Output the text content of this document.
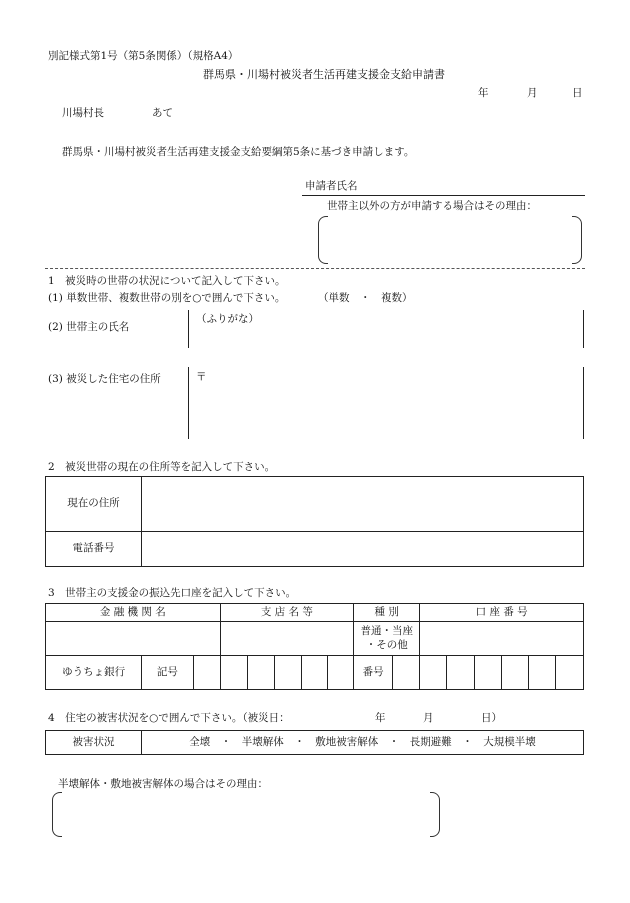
別記様式第1号（第5条関係）（規格A4）
群馬県・川場村被災者生活再建支援金支給申請書
年	月	日
川場村長	あて
群馬県・川場村被災者生活再建支援金支給要綱第5条に基づき申請します。
申請者氏名
世帯主以外の方が申請する場合はその理由：
1　被災時の世帯の状況について記入して下さい。
(1) 単数世帯、複数世帯の別を○で囲んで下さい。	（単数　・　複数）
(2) 世帯主の氏名
（ふりがな）
(3) 被災した住宅の住所	〒
2　被災世帯の現在の住所等を記入して下さい。
現在の住所	
電話番号	
3　世帯主の支援金の振込先口座を記入して下さい。
金 融 機 関 名			支 店 名 等					種 別		口 座 番 号					

								普通・当座
・その他							

ゆうちょ銀行	記号							番号							
4　住宅の被害状況を○で囲んで下さい。（被災日：	年	月	日）
被害状況	全壊　・　半壊解体　・　敷地被害解体　・　長期避難　・　大規模半壊
半壊解体・敷地被害解体の場合はその理由：
